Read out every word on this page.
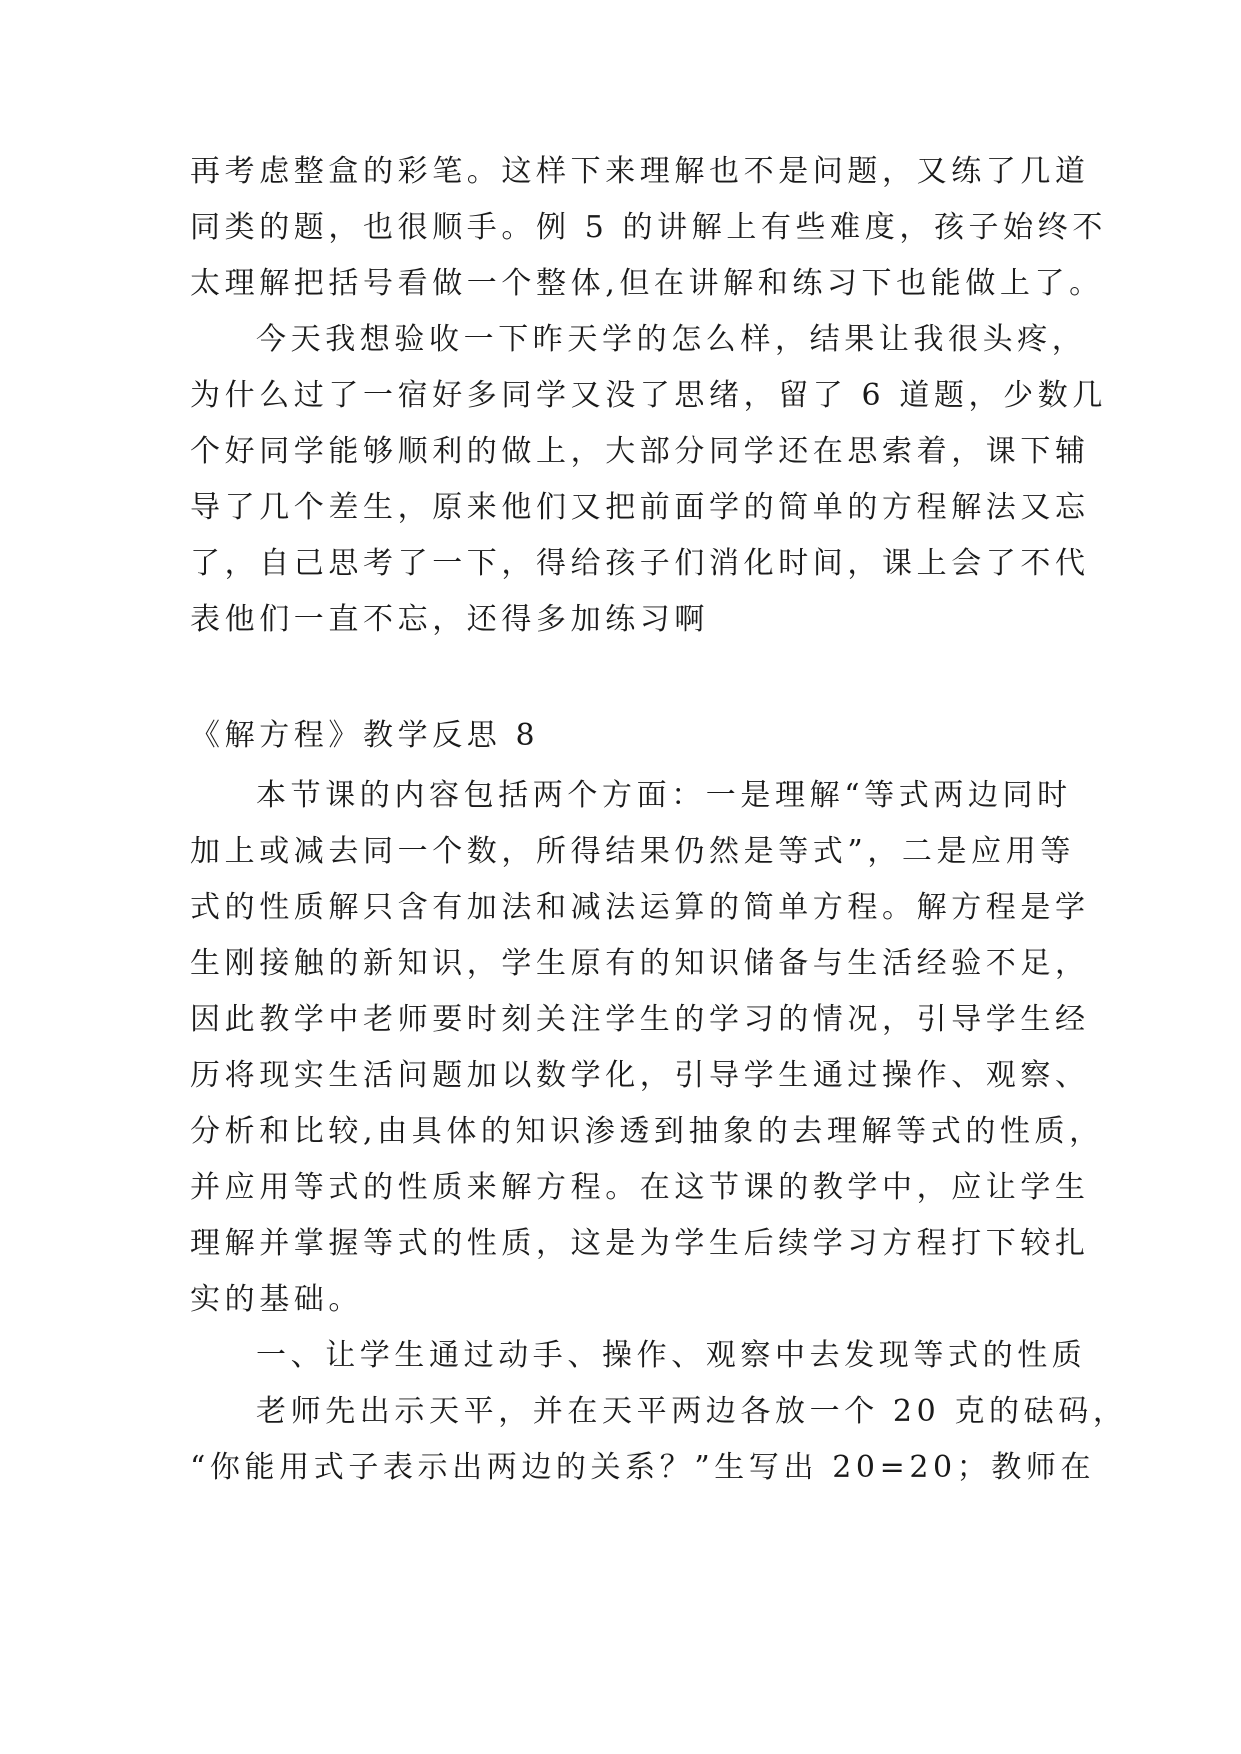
再考虑整盒的彩笔。这样下来理解也不是问题，又练了几道
同类的题，也很顺手。例 5 的讲解上有些难度，孩子始终不
太理解把括号看做一个整体,但在讲解和练习下也能做上了。
今天我想验收一下昨天学的怎么样，结果让我很头疼，
为什么过了一宿好多同学又没了思绪，留了 6 道题，少数几
个好同学能够顺利的做上，大部分同学还在思索着，课下辅
导了几个差生，原来他们又把前面学的简单的方程解法又忘
了，自己思考了一下，得给孩子们消化时间，课上会了不代
表他们一直不忘，还得多加练习啊
《解方程》教学反思 8
本节课的内容包括两个方面：一是理解“等式两边同时
加上或减去同一个数，所得结果仍然是等式”，二是应用等
式的性质解只含有加法和减法运算的简单方程。解方程是学
生刚接触的新知识，学生原有的知识储备与生活经验不足，
因此教学中老师要时刻关注学生的学习的情况，引导学生经
历将现实生活问题加以数学化，引导学生通过操作、观察、
分析和比较,由具体的知识渗透到抽象的去理解等式的性质，
并应用等式的性质来解方程。在这节课的教学中，应让学生
理解并掌握等式的性质，这是为学生后续学习方程打下较扎
实的基础。
一、让学生通过动手、操作、观察中去发现等式的性质
老师先出示天平，并在天平两边各放一个 20 克的砝码，
“你能用式子表示出两边的关系？”生写出 20=20；教师在
